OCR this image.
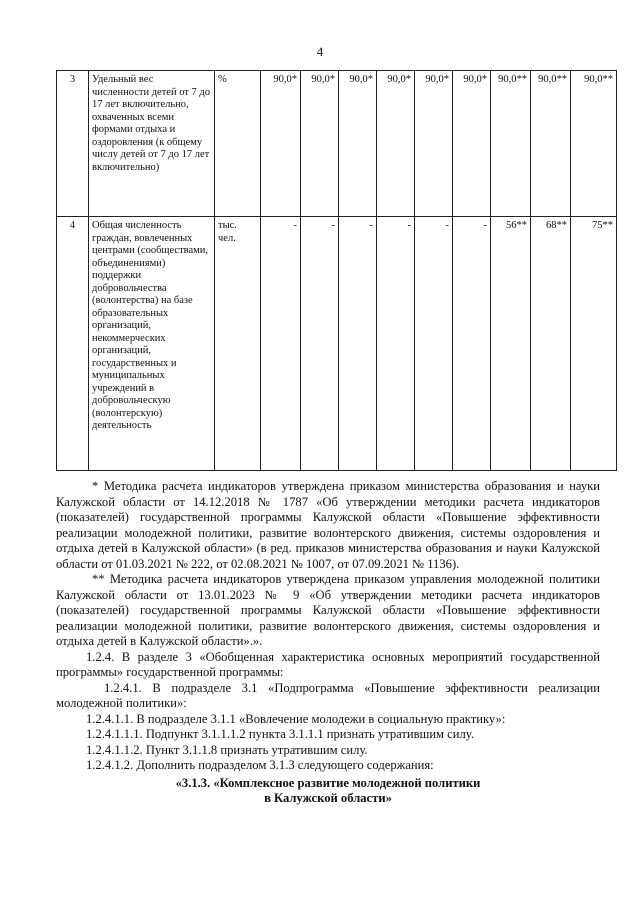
4
3	Удельный вес численности детей от 7 до 17 лет включительно, охваченных всеми формами отдыха и оздоровления (к общему числу детей от 7 до 17 лет включительно)	%	90,0*	90,0*	90,0*	90,0*	90,0*	90,0*	90,0**	90,0**	90,0**
4	Общая численность граждан, вовлеченных центрами (сообществами, объединениями) поддержки добровольчества (волонтерства) на базе образовательных организаций, некоммерческих организаций, государственных и муниципальных учреждений в добровольческую (волонтерскую) деятельность	тыс. чел.	-	-	-	-	-	-	56**	68**	75**

* Методика расчета индикаторов утверждена приказом министерства образования и науки Калужской области от 14.12.2018 № 1787 «Об утверждении методики расчета индикаторов (показателей) государственной программы Калужской области «Повышение эффективности реализации молодежной политики, развитие волонтерского движения, системы оздоровления и отдыха детей в Калужской области» (в ред. приказов министерства образования и науки Калужской области от 01.03.2021 № 222, от 02.08.2021 № 1007, от 07.09.2021 № 1136).

** Методика расчета индикаторов утверждена приказом управления молодежной политики Калужской области от 13.01.2023 № 9 «Об утверждении методики расчета индикаторов (показателей) государственной программы Калужской области «Повышение эффективности реализации молодежной политики, развитие волонтерского движения, системы оздоровления и отдыха детей в Калужской области».».

1.2.4. В разделе 3 «Обобщенная характеристика основных мероприятий государственной программы» государственной программы:

1.2.4.1. В подразделе 3.1 «Подпрограмма «Повышение эффективности реализации молодежной политики»:

1.2.4.1.1. В подразделе 3.1.1 «Вовлечение молодежи в социальную практику»:

1.2.4.1.1.1. Подпункт 3.1.1.1.2 пункта 3.1.1.1 признать утратившим силу.

1.2.4.1.1.2. Пункт 3.1.1.8 признать утратившим силу.

1.2.4.1.2. Дополнить подразделом 3.1.3 следующего содержания:

«3.1.3. «Комплексное развитие молодежной политики

в Калужской области»
